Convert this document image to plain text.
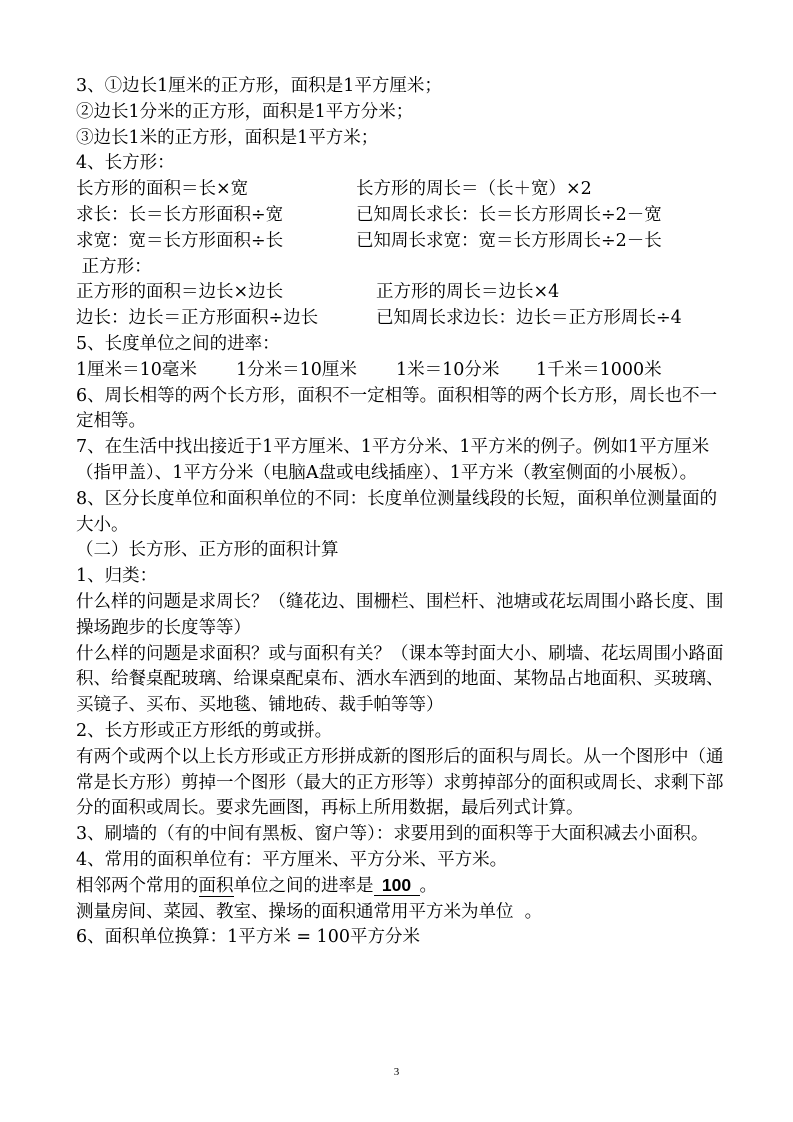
3、①边长1厘米的正方形，面积是1平方厘米；
②边长1分米的正方形，面积是1平方分米；
③边长1米的正方形，面积是1平方米；
4、长方形：
长方形的面积＝长×宽	长方形的周长＝（长＋宽）×2
求长：长＝长方形面积÷宽	已知周长求长：长＝长方形周长÷2－宽
求宽：宽＝长方形面积÷长	已知周长求宽：宽＝长方形周长÷2－长
正方形：
正方形的面积＝边长×边长	正方形的周长＝边长×4
边长：边长＝正方形面积÷边长	已知周长求边长：边长＝正方形周长÷4
5、长度单位之间的进率：
1厘米＝10毫米	1分米＝10厘米	1米＝10分米	1千米＝1000米
6、周长相等的两个长方形，面积不一定相等。面积相等的两个长方形，周长也不一定相等。
7、在生活中找出接近于1平方厘米、1平方分米、1平方米的例子。例如1平方厘米（指甲盖）、1平方分米（电脑A盘或电线插座）、1平方米（教室侧面的小展板）。
8、区分长度单位和面积单位的不同：长度单位测量线段的长短，面积单位测量面的大小。
（二）长方形、正方形的面积计算
1、归类：
什么样的问题是求周长？（缝花边、围栅栏、围栏杆、池塘或花坛周围小路长度、围操场跑步的长度等等）
什么样的问题是求面积？或与面积有关？（课本等封面大小、刷墙、花坛周围小路面积、给餐桌配玻璃、给课桌配桌布、洒水车洒到的地面、某物品占地面积、买玻璃、买镜子、买布、买地毯、铺地砖、裁手帕等等）
2、长方形或正方形纸的剪或拼。
有两个或两个以上长方形或正方形拼成新的图形后的面积与周长。从一个图形中（通常是长方形）剪掉一个图形（最大的正方形等）求剪掉部分的面积或周长、求剩下部分的面积或周长。要求先画图，再标上所用数据，最后列式计算。
3、刷墙的（有的中间有黑板、窗户等）：求要用到的面积等于大面积减去小面积。
4、常用的面积单位有：平方厘米、平方分米、平方米。
相邻两个常用的面积单位之间的进率是 100 。
测量房间、菜园、教室、操场的面积通常用平方米为单位  。
6、面积单位换算：1平方米 = 100平方分米
3
